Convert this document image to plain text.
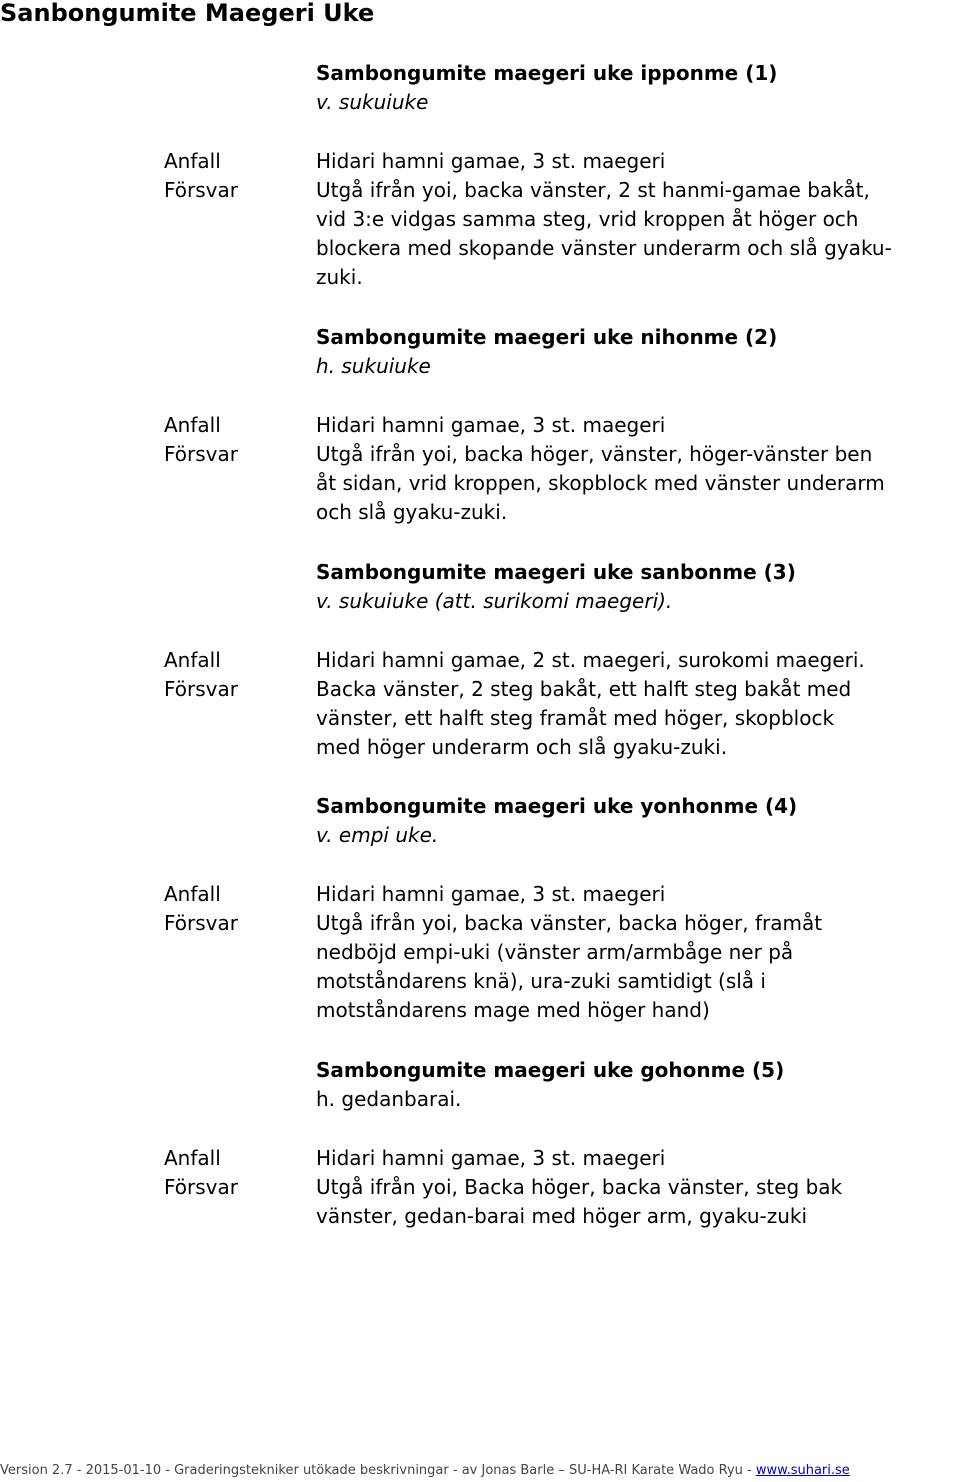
Sanbongumite Maegeri Uke
Sambongumite maegeri uke ipponme (1)
v. sukuiuke
Anfall
Försvar
Hidari hamni gamae, 3 st. maegeri

Utgå ifrån yoi, backa vänster, 2 st hanmi-gamae bakåt,
vid 3:e vidgas samma steg, vrid kroppen åt höger och
blockera med skopande vänster underarm och slå gyaku-
zuki.

Sambongumite maegeri uke nihonme (2)
h. sukuiuke
Anfall
Försvar
Hidari hamni gamae, 3 st. maegeri

Utgå ifrån yoi, backa höger, vänster, höger-vänster ben
åt sidan, vrid kroppen, skopblock med vänster underarm
och slå gyaku-zuki.

Sambongumite maegeri uke sanbonme (3)
v. sukuiuke (att. surikomi maegeri).
Anfall
Försvar
Hidari hamni gamae, 2 st. maegeri, surokomi maegeri.

Backa vänster, 2 steg bakåt, ett halft steg bakåt med
vänster, ett halft steg framåt med höger, skopblock
med höger underarm och slå gyaku-zuki.

Sambongumite maegeri uke yonhonme (4)
v. empi uke.
Anfall
Försvar
Hidari hamni gamae, 3 st. maegeri

Utgå ifrån yoi, backa vänster, backa höger, framåt
nedböjd empi-uki (vänster arm/armbåge ner på
motståndarens knä), ura-zuki samtidigt (slå i
motståndarens mage med höger hand)

Sambongumite maegeri uke gohonme (5)
h. gedanbarai.
Anfall
Försvar
Hidari hamni gamae, 3 st. maegeri

Utgå ifrån yoi, Backa höger, backa vänster, steg bak
vänster, gedan-barai med höger arm, gyaku-zuki

Version 2.7 - 2015-01-10 - Graderingstekniker utökade beskrivningar - av Jonas Barle – SU-HA-RI Karate Wado Ryu - www.suhari.se
